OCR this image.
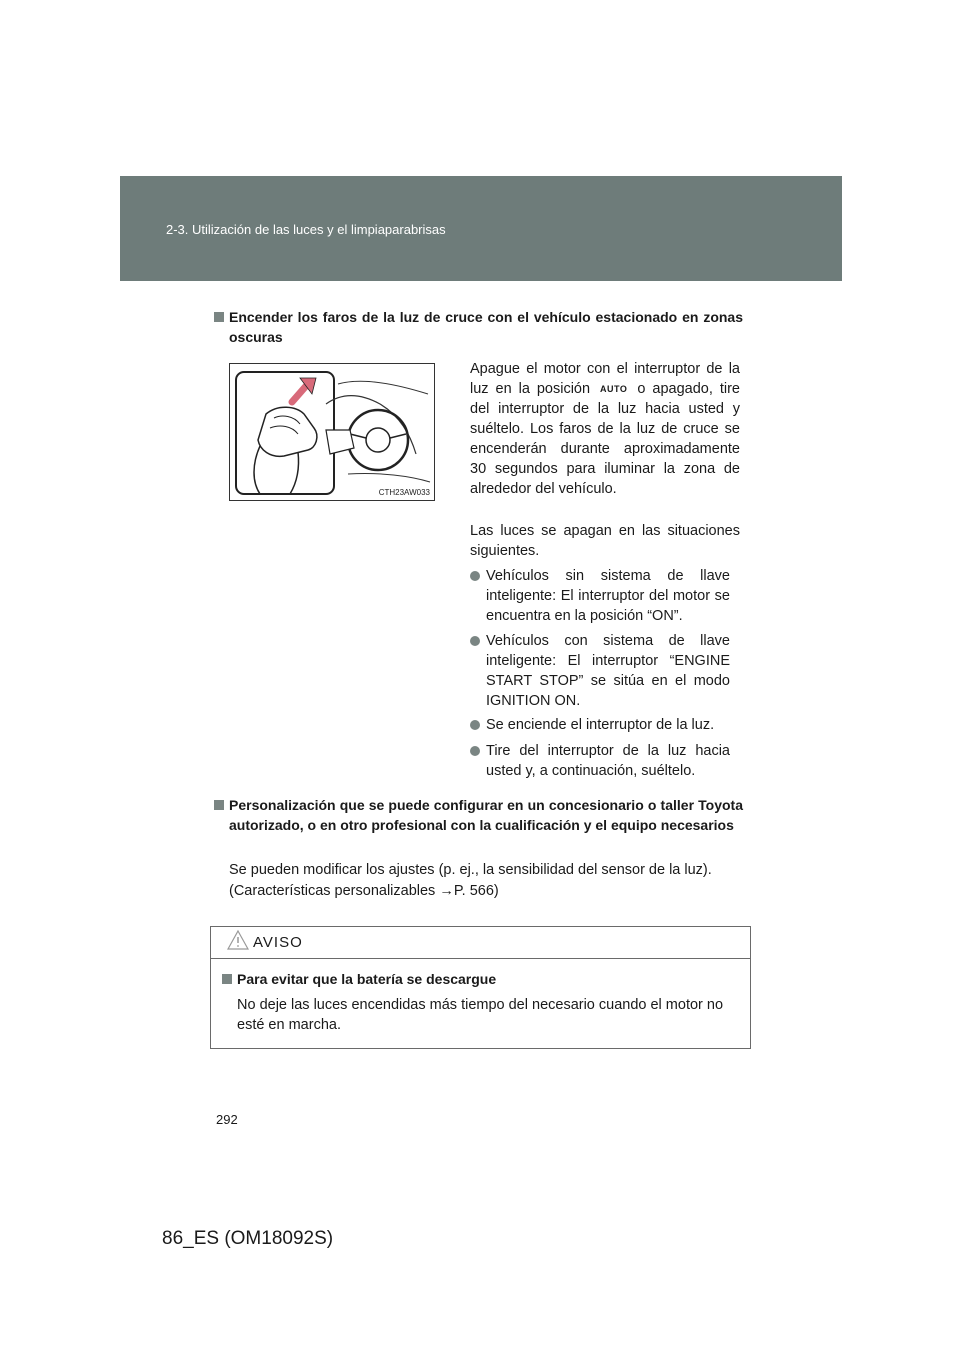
2-3. Utilización de las luces y el limpiaparabrisas
Encender los faros de la luz de cruce con el vehículo estacionado en zonas oscuras
CTH23AW033
Apague el motor con el interruptor de la luz en la posición AUTO o apagado, tire del interruptor de la luz hacia usted y suéltelo. Los faros de la luz de cruce se encenderán durante aproximadamente 30 segundos para iluminar la zona de alrededor del vehículo.
Las luces se apagan en las situaciones siguientes.
Vehículos sin sistema de llave inteligente: El interruptor del motor se encuentra en la posición “ON”.
Vehículos con sistema de llave inteligente: El interruptor “ENGINE START STOP” se sitúa en el modo IGNITION ON.
Se enciende el interruptor de la luz.
Tire del interruptor de la luz hacia usted y, a continuación, suéltelo.
Personalización que se puede configurar en un concesionario o taller Toyota autorizado, o en otro profesional con la cualificación y el equipo necesarios
Se pueden modificar los ajustes (p. ej., la sensibilidad del sensor de la luz).
(Características personalizables →P. 566)
AVISO
Para evitar que la batería se descargue
No deje las luces encendidas más tiempo del necesario cuando el motor no esté en marcha.
292
86_ES (OM18092S)
